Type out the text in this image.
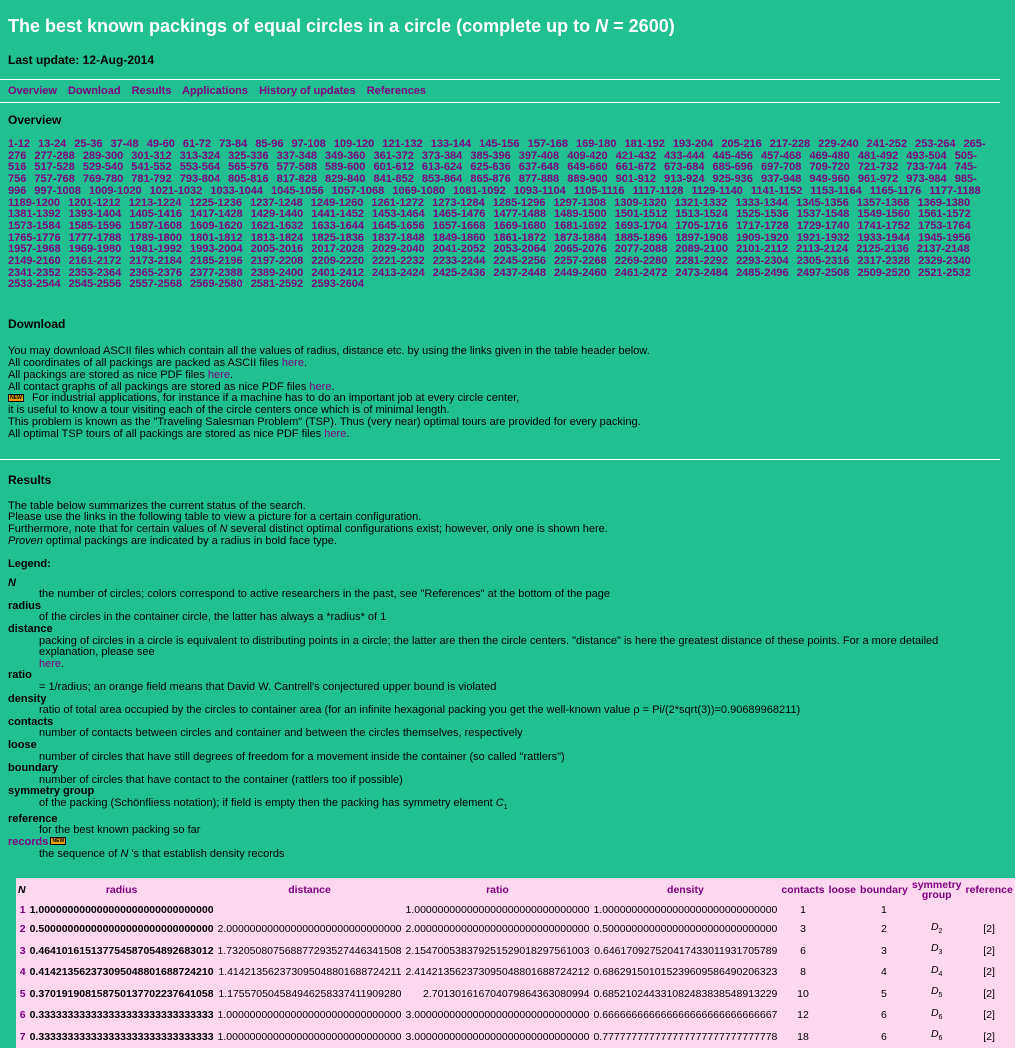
The best known packings of equal circles in a circle (complete up to N = 2600)

Last update: 12-Aug-2014

Overview Download Results Applications History of updates References
Overview
1-12 13-24 25-36 37-48 49-60 61-72 73-84 85-96 97-108 109-120 121-132 133-144 145-156 157-168 169-180 181-192 193-204 205-216 217-228 229-240 241-252 253-264 265-276 277-288 289-300 301-312 313-324 325-336 337-348 349-360 361-372 373-384 385-396 397-408 409-420 421-432 433-444 445-456 457-468 469-480 481-492 493-504 505-516 517-528 529-540 541-552 553-564 565-576 577-588 589-600 601-612 613-624 625-636 637-648 649-660 661-672 673-684 685-696 697-708 709-720 721-732 733-744 745-756 757-768 769-780 781-792 793-804 805-816 817-828 829-840 841-852 853-864 865-876 877-888 889-900 901-912 913-924 925-936 937-948 949-960 961-972 973-984 985-996 997-1008 1009-1020 1021-1032 1033-1044 1045-1056 1057-1068 1069-1080 1081-1092 1093-1104 1105-1116 1117-1128 1129-1140 1141-1152 1153-1164 1165-1176 1177-1188 1189-1200 1201-1212 1213-1224 1225-1236 1237-1248 1249-1260 1261-1272 1273-1284 1285-1296 1297-1308 1309-1320 1321-1332 1333-1344 1345-1356 1357-1368 1369-1380 1381-1392 1393-1404 1405-1416 1417-1428 1429-1440 1441-1452 1453-1464 1465-1476 1477-1488 1489-1500 1501-1512 1513-1524 1525-1536 1537-1548 1549-1560 1561-1572 1573-1584 1585-1596 1597-1608 1609-1620 1621-1632 1633-1644 1645-1656 1657-1668 1669-1680 1681-1692 1693-1704 1705-1716 1717-1728 1729-1740 1741-1752 1753-1764 1765-1776 1777-1788 1789-1800 1801-1812 1813-1824 1825-1836 1837-1848 1849-1860 1861-1872 1873-1884 1885-1896 1897-1908 1909-1920 1921-1932 1933-1944 1945-1956 1957-1968 1969-1980 1981-1992 1993-2004 2005-2016 2017-2028 2029-2040 2041-2052 2053-2064 2065-2076 2077-2088 2089-2100 2101-2112 2113-2124 2125-2136 2137-2148 2149-2160 2161-2172 2173-2184 2185-2196 2197-2208 2209-2220 2221-2232 2233-2244 2245-2256 2257-2268 2269-2280 2281-2292 2293-2304 2305-2316 2317-2328 2329-2340 2341-2352 2353-2364 2365-2376 2377-2388 2389-2400 2401-2412 2413-2424 2425-2436 2437-2448 2449-2460 2461-2472 2473-2484 2485-2496 2497-2508 2509-2520 2521-2532 2533-2544 2545-2556 2557-2568 2569-2580 2581-2592 2593-2604
Download
You may download ASCII files which contain all the values of radius, distance etc. by using the links given in the table header below.
All coordinates of all packings are packed as ASCII files here.
All packings are stored as nice PDF files here.
All contact graphs of all packings are stored as nice PDF files here.
NEW For industrial applications, for instance if a machine has to do an important job at every circle center,
it is useful to know a tour visiting each of the circle centers once which is of minimal length.
This problem is known as the "Traveling Salesman Problem" (TSP). Thus (very near) optimal tours are provided for every packing.
All optimal TSP tours of all packings are stored as nice PDF files here.
Results
The table below summarizes the current status of the search.
Please use the links in the following table to view a picture for a certain configuration.
Furthermore, note that for certain values of N several distinct optimal configurations exist; however, only one is shown here.
Proven optimal packings are indicated by a radius in bold face type.
Legend:
N
the number of circles; colors correspond to active researchers in the past, see "References" at the bottom of the page
radius
of the circles in the container circle, the latter has always a *radius* of 1
distance
packing of circles in a circle is equivalent to distributing points in a circle; the latter are then the circle centers. "distance" is here the greatest distance of these points. For a more detailed explanation, please see
here.
ratio
= 1/radius; an orange field means that David W. Cantrell's conjectured upper bound is violated
density
ratio of total area occupied by the circles to container area (for an infinite hexagonal packing you get the well-known value ρ = Pi/(2*sqrt(3))=0.90689968211)
contacts
number of contacts between circles and container and between the circles themselves, respectively
loose
number of circles that have still degrees of freedom for a movement inside the container (so called "rattlers")
boundary
number of circles that have contact to the container (rattlers too if possible)
symmetry group
of the packing (Schönfliess notation); if field is empty then the packing has symmetry element $C_1$
reference
for the best known packing so far
records NEW
the sequence of N 's that establish density records
N	radius	distance	ratio	density	contacts	loose	boundary	symmetry group	reference
1	1.000000000000000000000000000000		1.000000000000000000000000000000	1.000000000000000000000000000000	1		1		
2	0.500000000000000000000000000000	2.000000000000000000000000000000	2.000000000000000000000000000000	0.500000000000000000000000000000	3		2	$D_2$	[2]
3	0.464101615137754587054892683012	1.732050807568877293527446341508	2.154700538379251529018297561003	0.646170927520417433011931705789	6		3	$D_3$	[2]
4	0.414213562373095048801688724210	1.414213562373095048801688724211	2.414213562373095048801688724212	0.686291501015239609586490206323	8		4	$D_4$	[2]
5	0.370191908158750137702237641058	1.175570504584946258337411909280	2.701301616704079864363080994	0.685210244331082483838548913229	10		5	$D_5$	[2]
6	0.333333333333333333333333333333	1.000000000000000000000000000000	3.000000000000000000000000000000	0.666666666666666666666666666667	12		6	$D_6$	[2]
7	0.333333333333333333333333333333	1.000000000000000000000000000000	3.000000000000000000000000000000	0.777777777777777777777777777778	18		6	$D_6$	[2]
